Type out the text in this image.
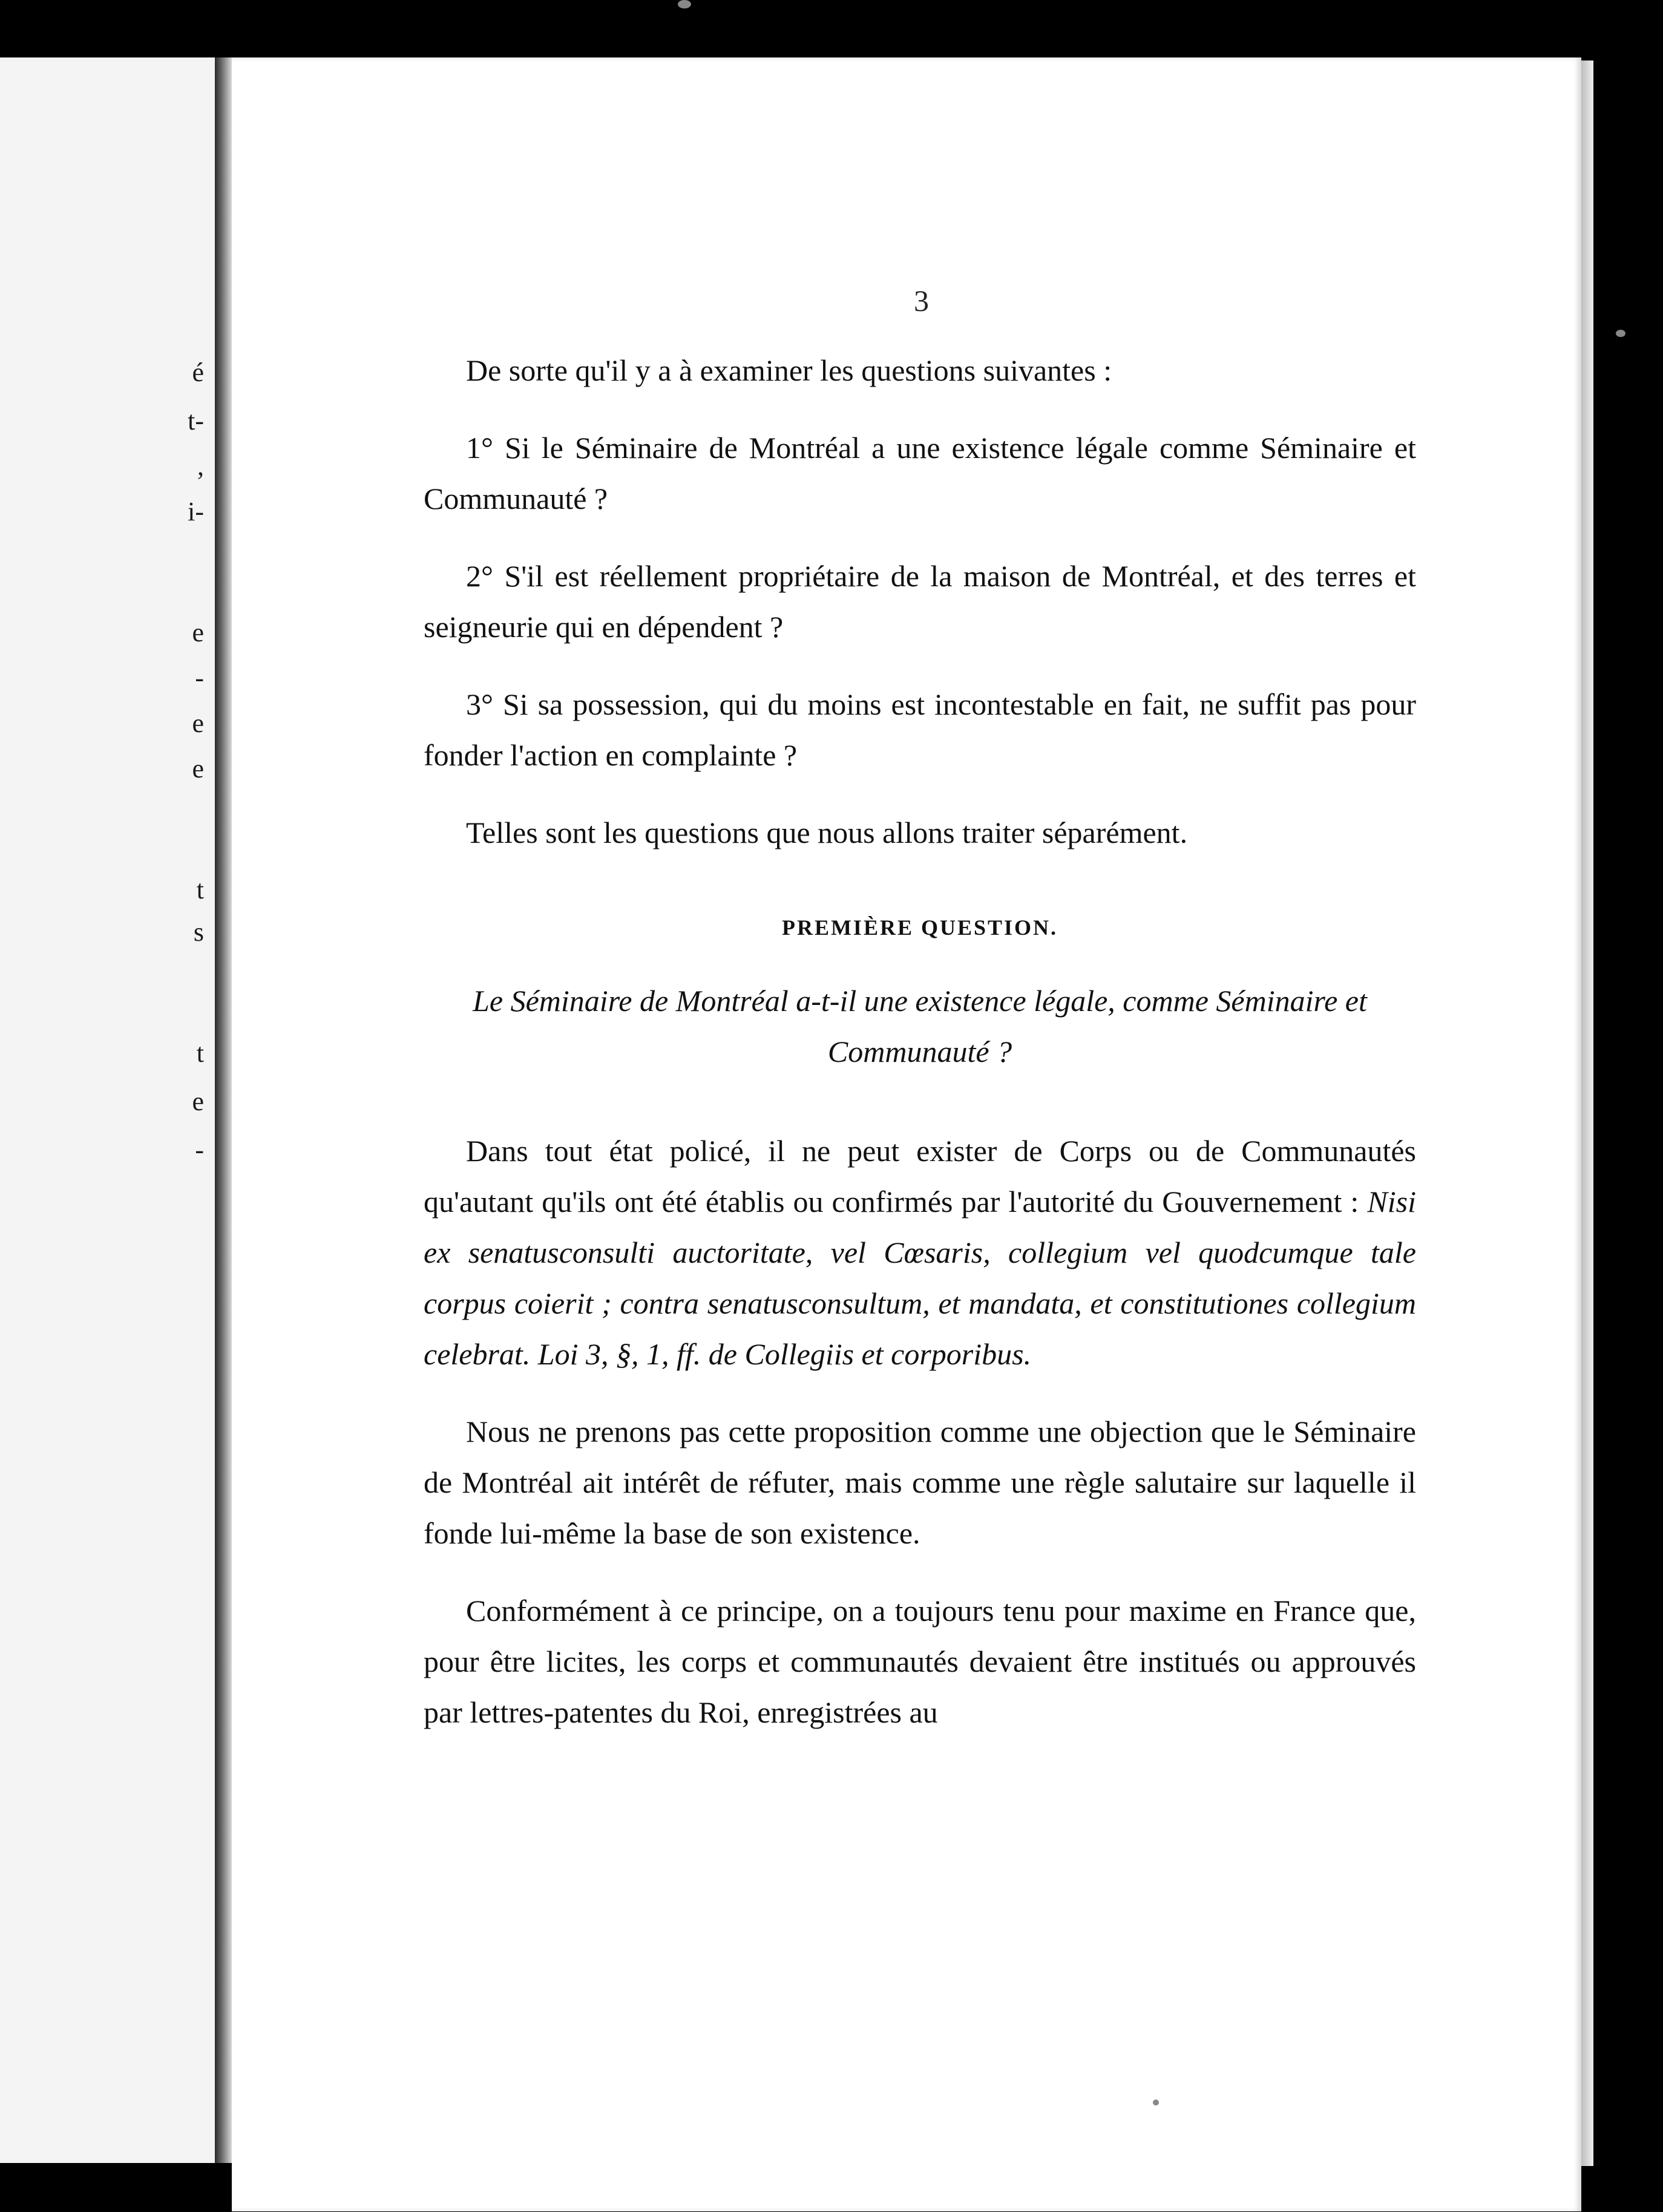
é
t-
,
i-
e
-
e
e
t
s
t
e
-
3

De sorte qu'il y a à examiner les questions suivantes :

1° Si le Séminaire de Montréal a une existence légale comme Séminaire et Communauté ?

2° S'il est réellement propriétaire de la maison de Montréal, et des terres et seigneurie qui en dépendent ?

3° Si sa possession, qui du moins est incontestable en fait, ne suffit pas pour fonder l'action en complainte ?

Telles sont les questions que nous allons traiter séparément.

PREMIÈRE QUESTION.

Le Séminaire de Montréal a-t-il une existence légale, comme Séminaire et Communauté ?

Dans tout état policé, il ne peut exister de Corps ou de Communautés qu'autant qu'ils ont été établis ou confirmés par l'autorité du Gouvernement : Nisi ex senatusconsulti auctoritate, vel Cœsaris, collegium vel quodcumque tale corpus coierit ; contra senatusconsultum, et mandata, et constitutiones collegium celebrat. Loi 3, §, 1, ff. de Collegiis et corporibus.

Nous ne prenons pas cette proposition comme une objection que le Séminaire de Montréal ait intérêt de réfuter, mais comme une règle salutaire sur laquelle il fonde lui-même la base de son existence.

Conformément à ce principe, on a toujours tenu pour maxime en France que, pour être licites, les corps et communautés devaient être institués ou approuvés par lettres-patentes du Roi, enregistrées au
